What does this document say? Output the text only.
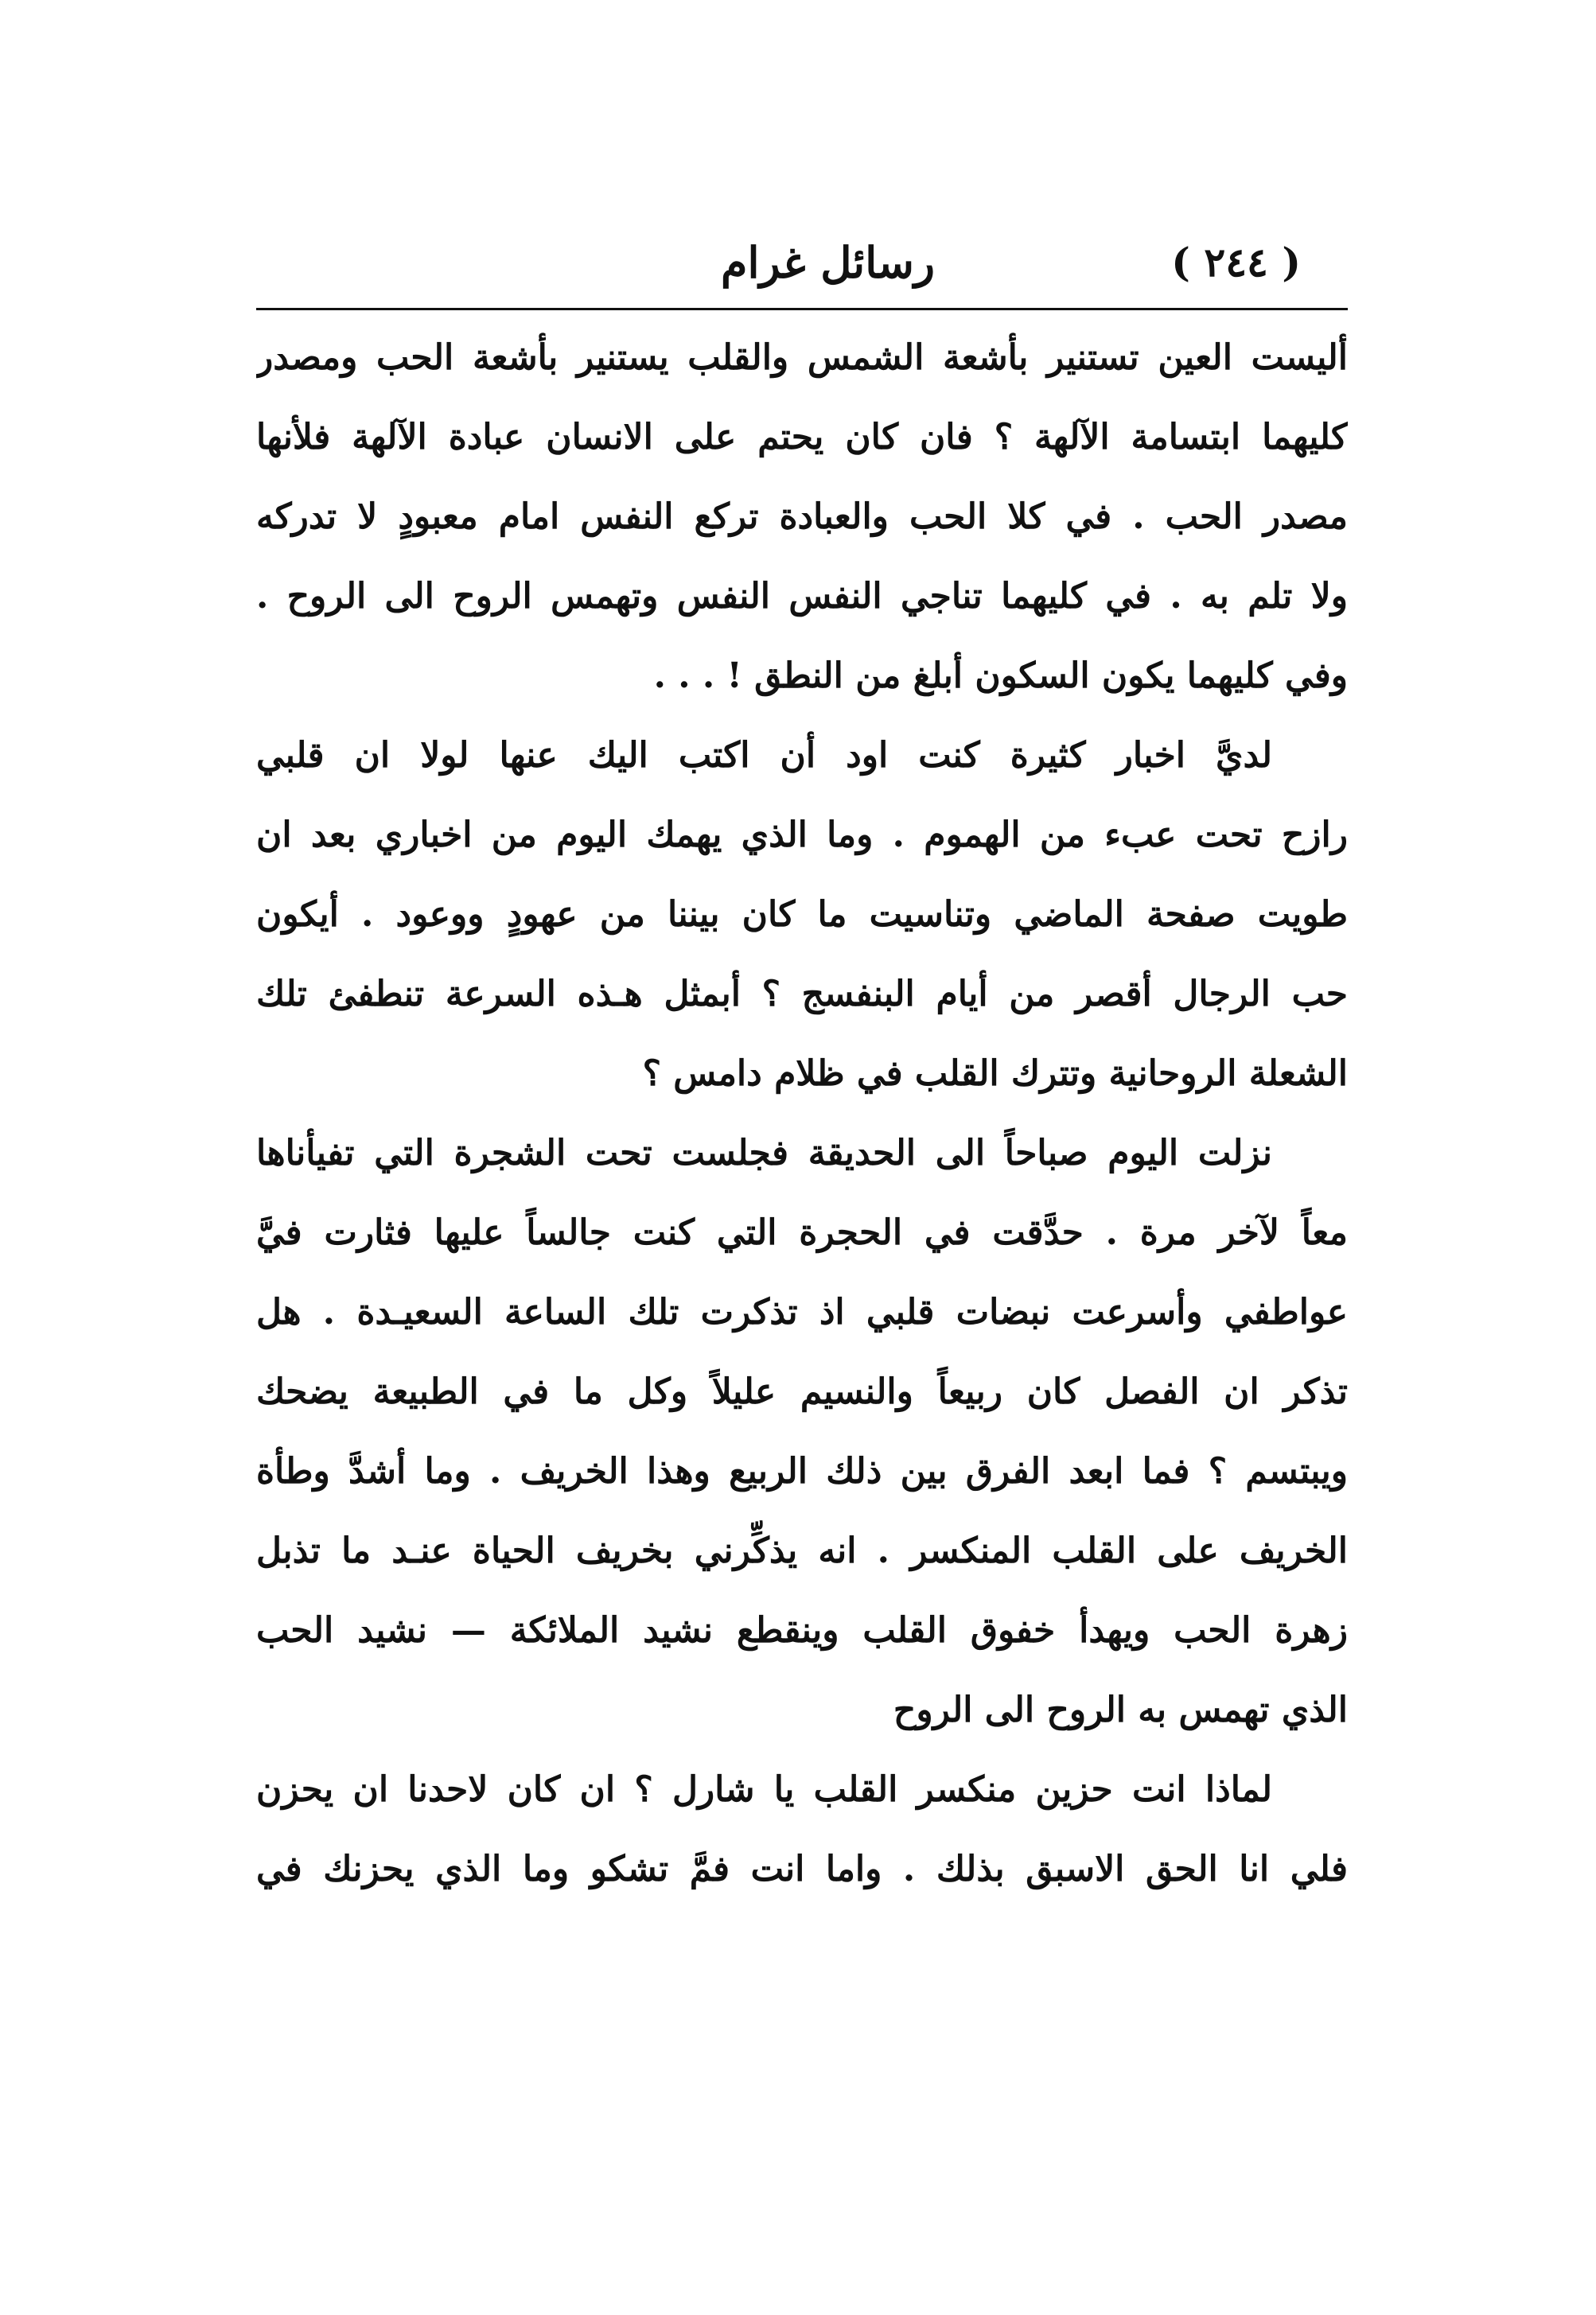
( ٢٤٤ )
رسائل غرام
أليست العين تستنير بأشعة الشمس والقلب يستنير بأشعة الحب ومصدر
كليهما ابتسامة الآلهة ؟ فان كان يحتم على الانسان عبادة الآلهة فلأنها
مصدر الحب . في كلا الحب والعبادة تركع النفس امام معبودٍ لا تدركه
ولا تلم به . في كليهما تناجي النفس النفس وتهمس الروح الى الروح .
وفي كليهما يكون السكون أبلغ من النطق ! . . .
لديَّ اخبار كثيرة كنت اود أن اكتب اليك عنها لولا ان قلبي
رازح تحت عبء من الهموم . وما الذي يهمك اليوم من اخباري بعد ان
طويت صفحة الماضي وتناسيت ما كان بيننا من عهودٍ ووعود . أيكون
حب الرجال أقصر من أيام البنفسج ؟ أبمثل هـذه السرعة تنطفئ تلك
الشعلة الروحانية وتترك القلب في ظلام دامس ؟
نزلت اليوم صباحاً الى الحديقة فجلست تحت الشجرة التي تفيأناها
معاً لآخر مرة . حدَّقت في الحجرة التي كنت جالساً عليها فثارت فيَّ
عواطفي وأسرعت نبضات قلبي اذ تذكرت تلك الساعة السعيـدة . هل
تذكر ان الفصل كان ربيعاً والنسيم عليلاً وكل ما في الطبيعة يضحك
ويبتسم ؟ فما ابعد الفرق بين ذلك الربيع وهذا الخريف . وما أشدَّ وطأة
الخريف على القلب المنكسر . انه يذكِّرني بخريف الحياة عنـد ما تذبل
زهرة الحب ويهدأ خفوق القلب وينقطع نشيد الملائكة — نشيد الحب
الذي تهمس به الروح الى الروح
لماذا انت حزين منكسر القلب يا شارل ؟ ان كان لاحدنا ان يحزن
فلي انا الحق الاسبق بذلك . واما انت فمَّ تشكو وما الذي يحزنك في
